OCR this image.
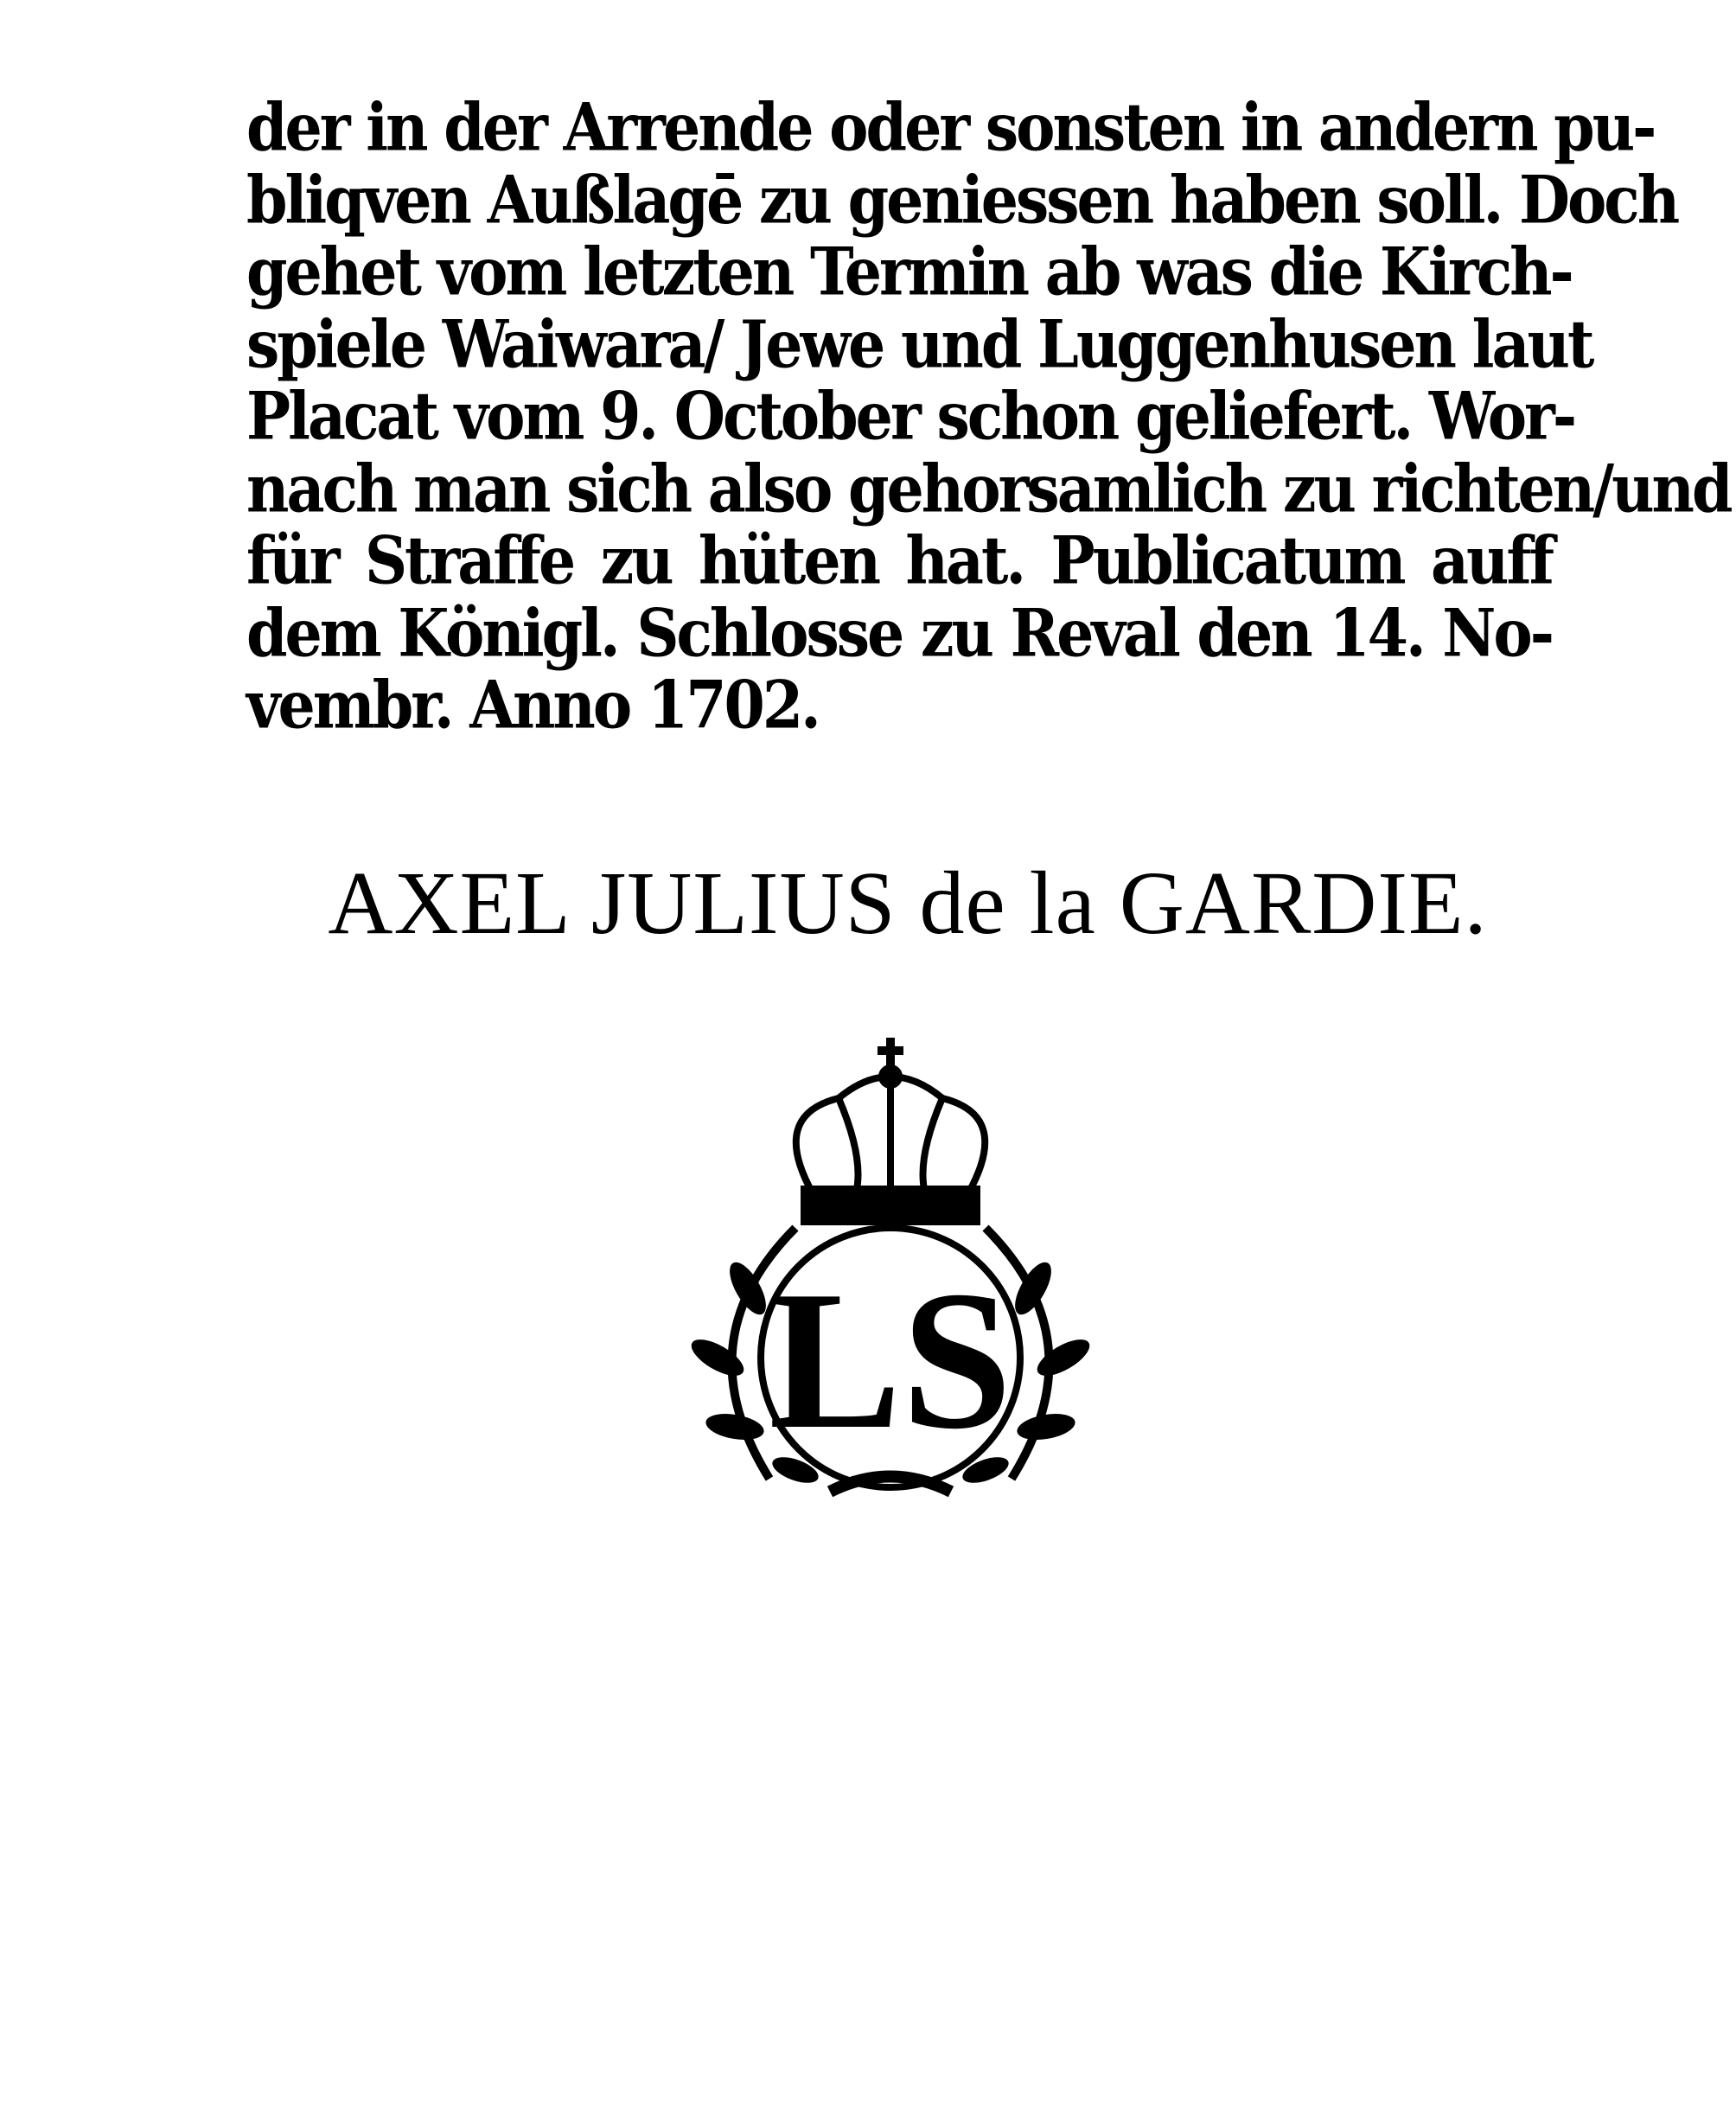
der in der Arrende oder sonsten in andern pu-
bliqven Außlagē zu geniessen haben soll. Doch
gehet vom letzten Termin ab was die Kirch-
spiele Waiwara/ Jewe und Luggenhusen laut
Placat vom 9. October schon geliefert. Wor-
nach man sich also gehorsamlich zu richten/und
für Straffe zu hüten hat. Publicatum auff
dem Königl. Schlosse zu Reval den 14. No-
vembr. Anno 1702.
AXEL JULIUS de la GARDIE.
LS
